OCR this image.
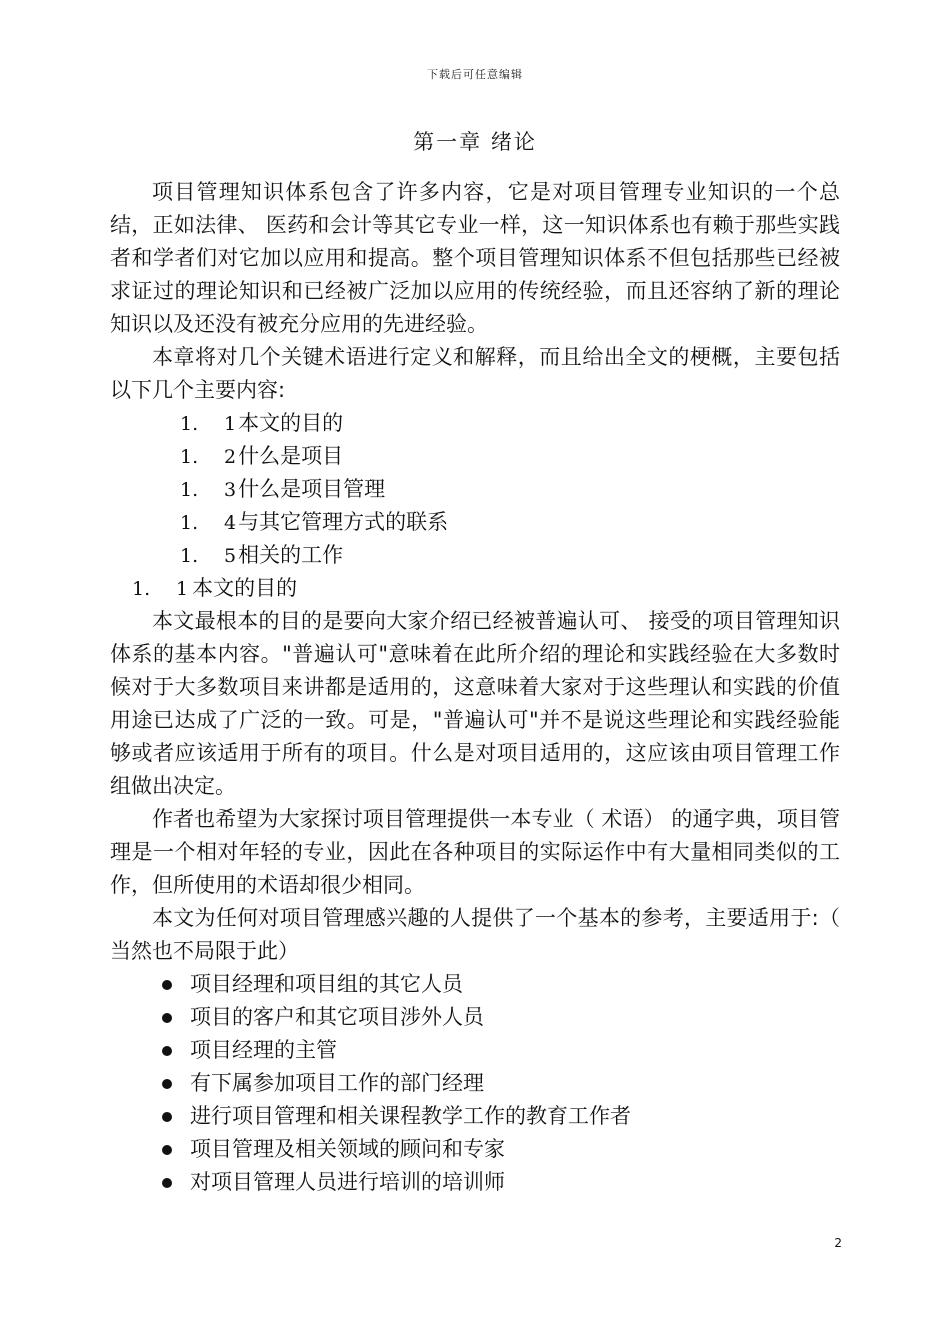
下载后可任意编辑
第一章 绪论

项目管理知识体系包含了许多内容，它是对项目管理专业知识的一个总结，正如法律、 医药和会计等其它专业一样，这一知识体系也有赖于那些实践者和学者们对它加以应用和提高。整个项目管理知识体系不但包括那些已经被求证过的理论知识和已经被广泛加以应用的传统经验，而且还容纳了新的理论知识以及还没有被充分应用的先进经验。

本章将对几个关键术语进行定义和解释，而且给出全文的梗概，主要包括以下几个主要内容:

1. 1本文的目的
1. 2什么是项目
1. 3什么是项目管理
1. 4与其它管理方式的联系
1. 5相关的工作
1. 1 本文的目的

本文最根本的目的是要向大家介绍已经被普遍认可、 接受的项目管理知识体系的基本内容。"普遍认可"意味着在此所介绍的理论和实践经验在大多数时候对于大多数项目来讲都是适用的，这意味着大家对于这些理认和实践的价值用途已达成了广泛的一致。可是，"普遍认可"并不是说这些理论和实践经验能够或者应该适用于所有的项目。什么是对项目适用的，这应该由项目管理工作组做出决定。

作者也希望为大家探讨项目管理提供一本专业（ 术语） 的通字典，项目管理是一个相对年轻的专业，因此在各种项目的实际运作中有大量相同类似的工作，但所使用的术语却很少相同。

本文为任何对项目管理感兴趣的人提供了一个基本的参考，主要适用于:（ 当然也不局限于此）

项目经理和项目组的其它人员
项目的客户和其它项目涉外人员
项目经理的主管
有下属参加项目工作的部门经理
进行项目管理和相关课程教学工作的教育工作者
项目管理及相关领域的顾问和专家
对项目管理人员进行培训的培训师
2
